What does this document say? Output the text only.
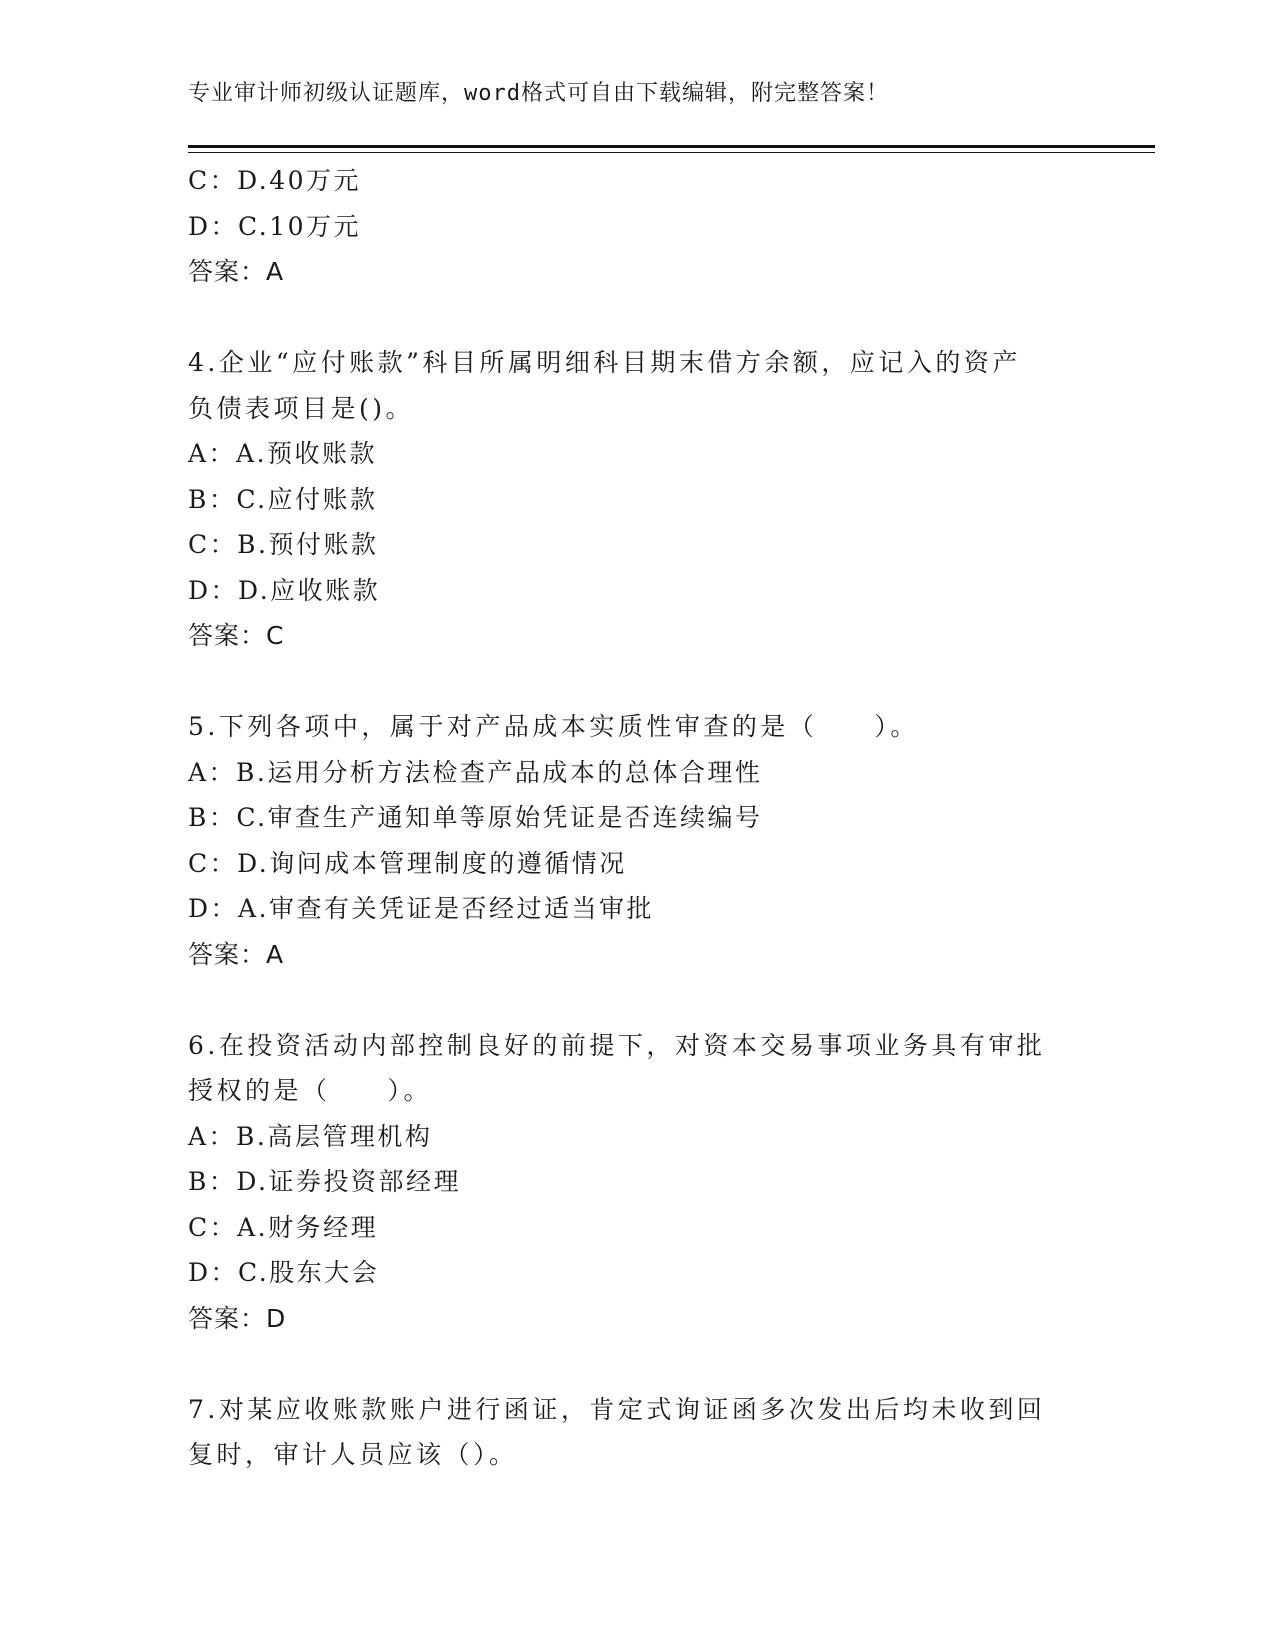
专业审计师初级认证题库，word格式可自由下载编辑，附完整答案！
C：D.40万元
D：C.10万元
答案：A
4.企业“应付账款”科目所属明细科目期末借方余额，应记入的资产
负债表项目是()。
A：A.预收账款
B：C.应付账款
C：B.预付账款
D：D.应收账款
答案：C
5.下列各项中，属于对产品成本实质性审查的是（　　）。
A：B.运用分析方法检查产品成本的总体合理性
B：C.审查生产通知单等原始凭证是否连续编号
C：D.询问成本管理制度的遵循情况
D：A.审查有关凭证是否经过适当审批
答案：A
6.在投资活动内部控制良好的前提下，对资本交易事项业务具有审批
授权的是（　　）。
A：B.高层管理机构
B：D.证券投资部经理
C：A.财务经理
D：C.股东大会
答案：D
7.对某应收账款账户进行函证，肯定式询证函多次发出后均未收到回
复时，审计人员应该（）。
